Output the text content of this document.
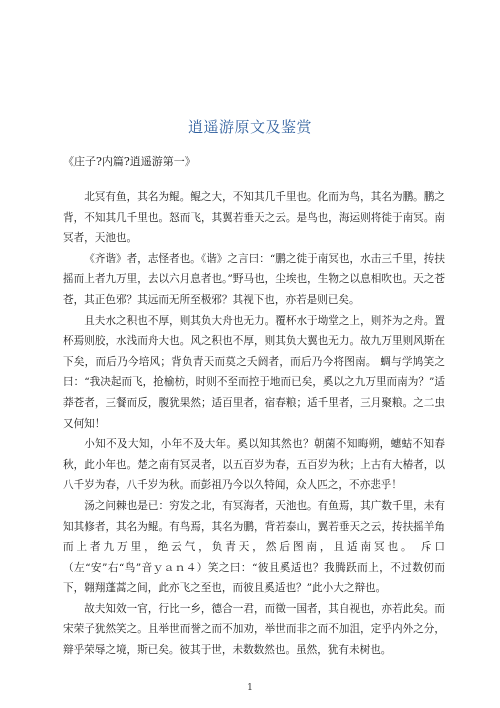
逍遥游原文及鉴赏
《庄子?内篇?逍遥游第一》

北冥有鱼，其名为鲲。鲲之大，不知其几千里也。化而为鸟，其名为鹏。鹏之背，不知其几千里也。怒而飞，其翼若垂天之云。是鸟也，海运则将徙于南冥。南冥者，天池也。

《齐谐》者，志怪者也。《谐》之言曰：“鹏之徙于南冥也，水击三千里，抟扶摇而上者九万里，去以六月息者也。”野马也，尘埃也，生物之以息相吹也。天之苍苍，其正色邪？其远而无所至极邪？其视下也，亦若是则已矣。

且夫水之积也不厚，则其负大舟也无力。覆杯水于坳堂之上，则芥为之舟。置杯焉则胶，水浅而舟大也。风之积也不厚，则其负大翼也无力。故九万里则风斯在下矣，而后乃今培风；背负青天而莫之夭阏者，而后乃今将图南。 蜩与学鸠笑之曰：“我决起而飞，抢榆枋，时则不至而控于地而已矣，奚以之九万里而南为？”适莽苍者，三餐而反，腹犹果然；适百里者，宿春粮；适千里者，三月聚粮。之二虫又何知！

小知不及大知，小年不及大年。奚以知其然也？朝菌不知晦朔，蟪蛄不知春秋，此小年也。楚之南有冥灵者，以五百岁为春，五百岁为秋；上古有大椿者，以八千岁为春，八千岁为秋。而彭祖乃今以久特闻，众人匹之，不亦悲乎！

汤之问棘也是已：穷发之北，有冥海者，天池也。有鱼焉，其广数千里，未有知其修者，其名为鲲。有鸟焉，其名为鹏，背若泰山，翼若垂天之云，抟扶摇羊角而上者九万里，绝云气，负青天，然后图南，且适南冥也。 斥口（左“安”右“鸟”音ｙａｎ４）笑之曰：“彼且奚适也？我腾跃而上，不过数仞而下，翱翔蓬蒿之间，此亦飞之至也，而彼且奚适也？”此小大之辩也。

故夫知效一官，行比一乡，德合一君，而徵一国者，其自视也，亦若此矣。而宋荣子犹然笑之。且举世而誉之而不加劝，举世而非之而不加沮，定乎内外之分，辩乎荣辱之境，斯已矣。彼其于世，未数数然也。虽然，犹有未树也。

1
